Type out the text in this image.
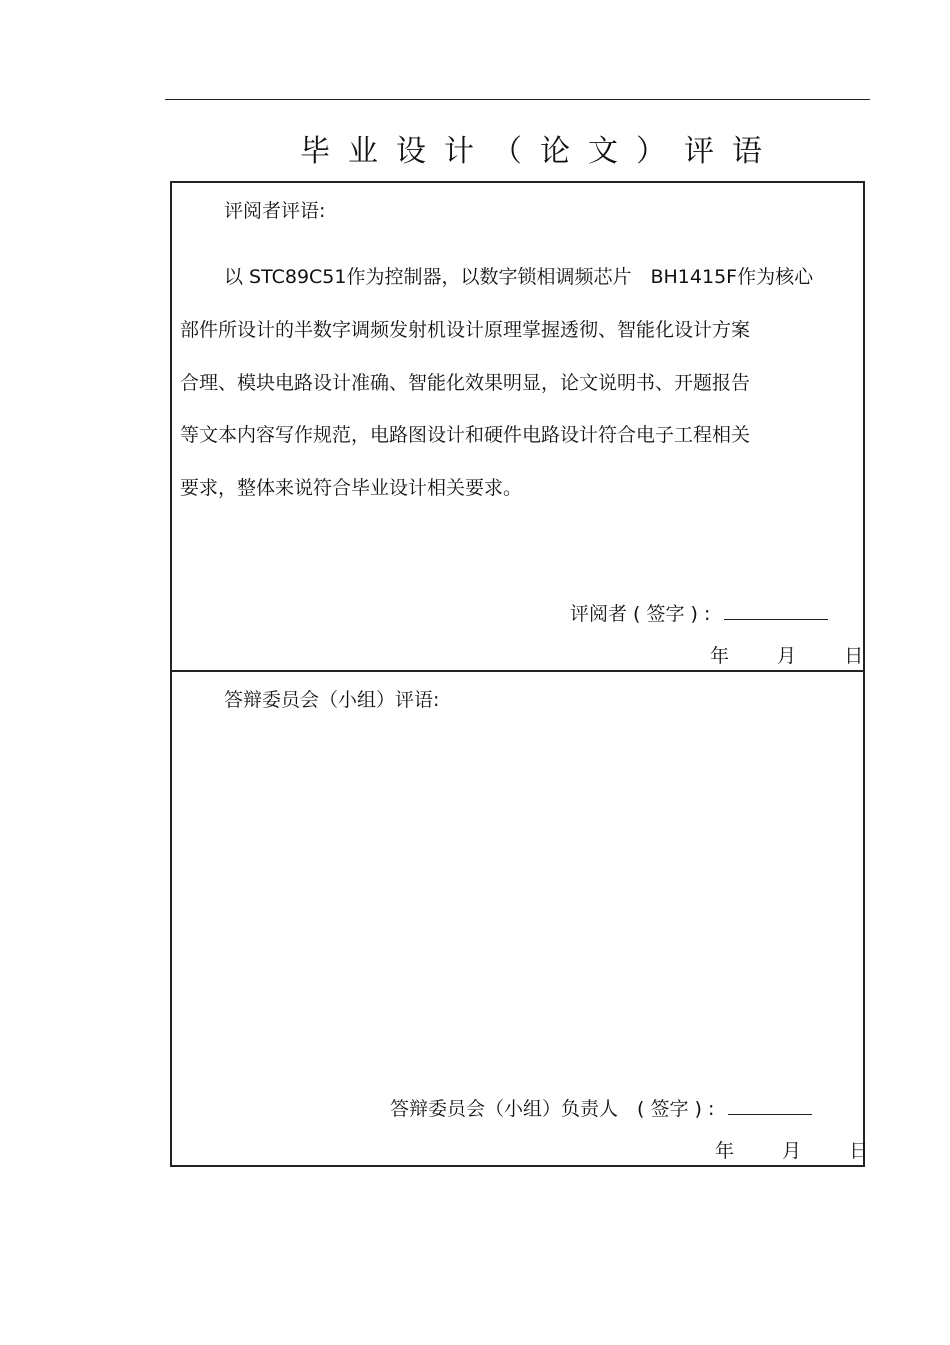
毕业设计（论文）评语
评阅者评语:
以 STC89C51作为控制器，以数字锁相调频芯片　BH1415F作为核心
部件所设计的半数字调频发射机设计原理掌握透彻、智能化设计方案
合理、模块电路设计准确、智能化效果明显，论文说明书、开题报告
等文本内容写作规范，电路图设计和硬件电路设计符合电子工程相关
要求，整体来说符合毕业设计相关要求。
评阅者 ( 签字 ) :
年	月	日
答辩委员会（小组）评语:
答辩委员会（小组）负责人　( 签字 ) :
年	月	日
